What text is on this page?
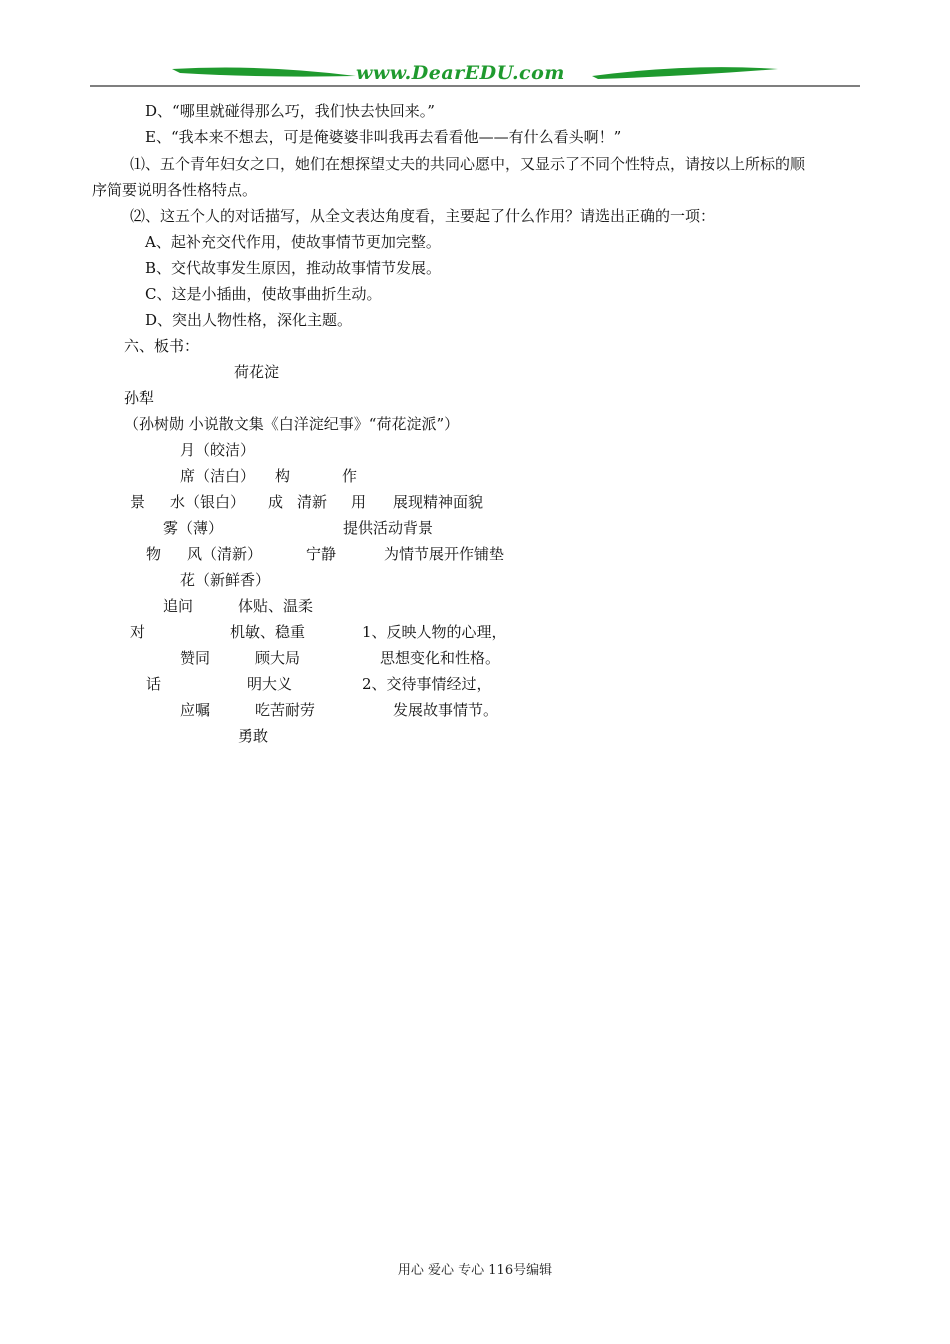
www.DearEDU.com
D、“哪里就碰得那么巧，我们快去快回来。”
E、“我本来不想去，可是俺婆婆非叫我再去看看他——有什么看头啊！”
⑴、五个青年妇女之口，她们在想探望丈夫的共同心愿中，又显示了不同个性特点，请按以上所标的顺
序简要说明各性格特点。
⑵、这五个人的对话描写，从全文表达角度看，主要起了什么作用？请选出正确的一项：
A、起补充交代作用，使故事情节更加完整。
B、交代故事发生原因，推动故事情节发展。
C、这是小插曲，使故事曲折生动。
D、突出人物性格，深化主题。
六、板书：
荷花淀
孙犁
（孙树勋 小说散文集《白洋淀纪事》“荷花淀派”）
月（皎洁）
席（洁白） 构	作
景 水（银白） 成 清新 用 展现精神面貌
雾（薄）	提供活动背景
物 风（清新）	宁静	为情节展开作铺垫
花（新鲜香）
追问	体贴、温柔
对	机敏、稳重	1、反映人物的心理，
赞同	顾大局	思想变化和性格。
话	明大义	2、交待事情经过，
应嘱	吃苦耐劳	发展故事情节。
勇敢
用心 爱心 专心 116号编辑
